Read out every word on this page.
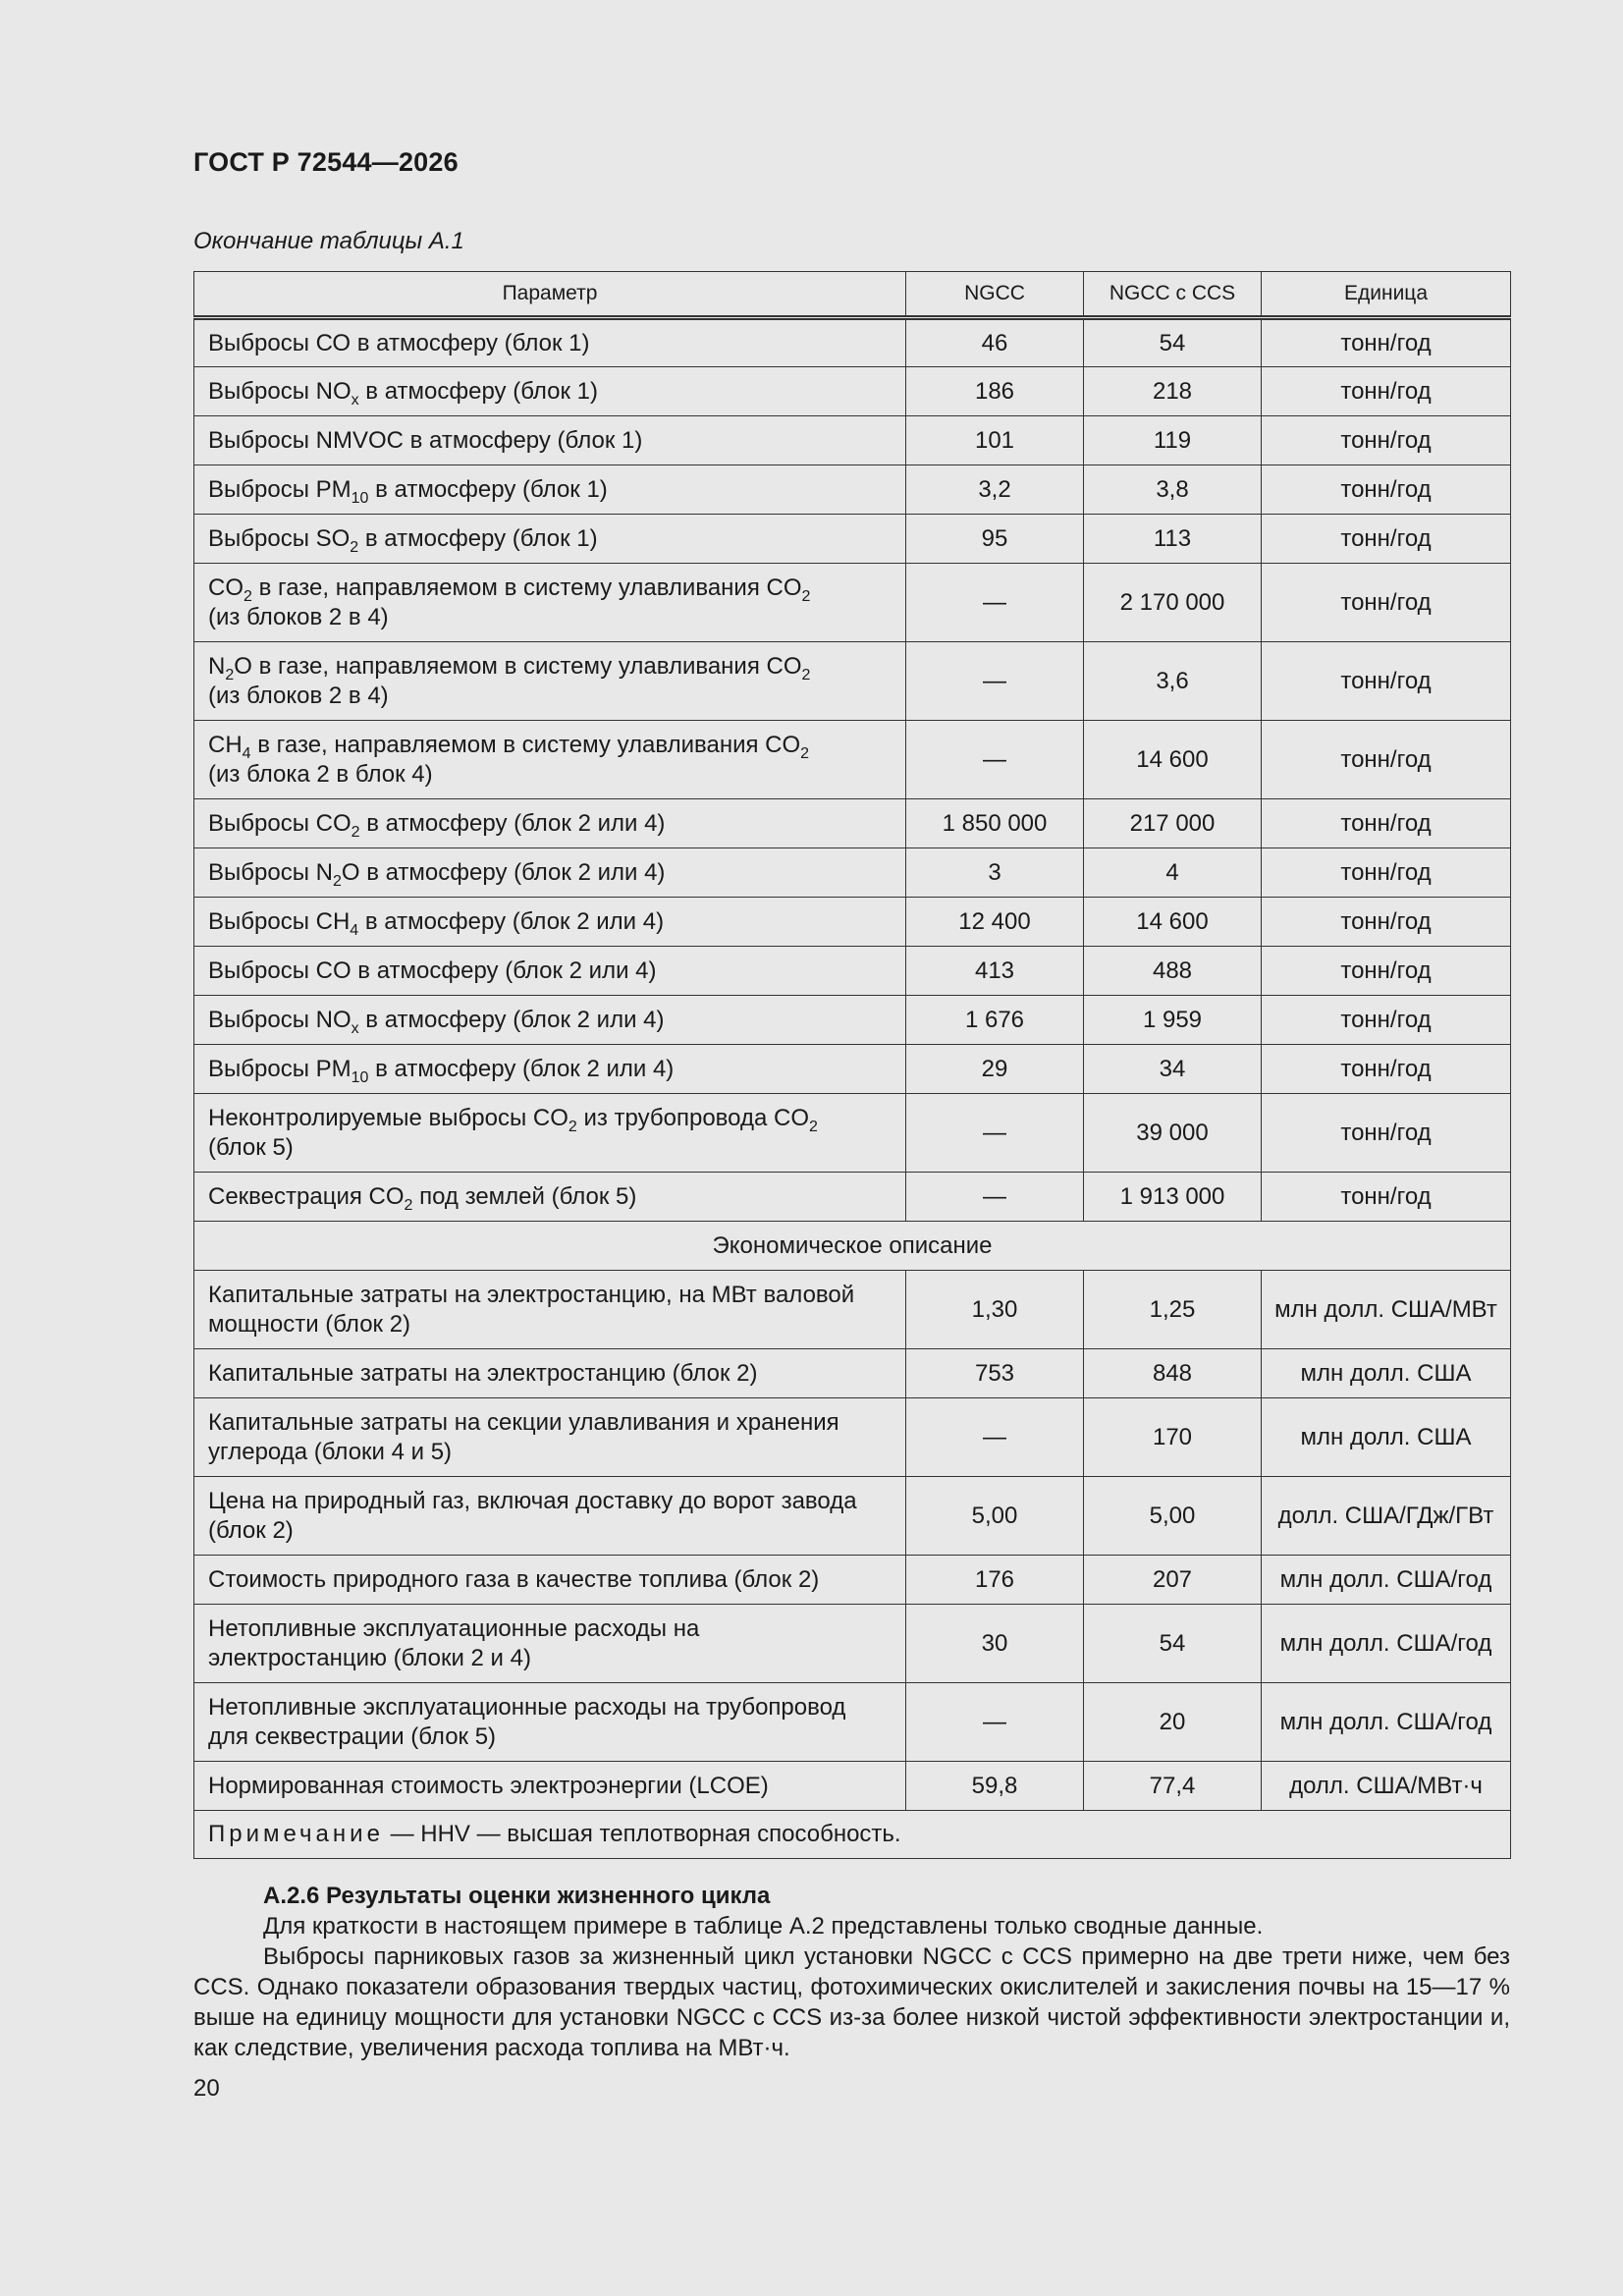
ГОСТ Р 72544—2026
Окончание таблицы А.1
Параметр	NGCC	NGCC с CCS	Единица
Выбросы СО в атмосферу (блок 1)	46	54	тонн/год
Выбросы $NO_x$ в атмосферу (блок 1)	186	218	тонн/год
Выбросы NMVOC в атмосферу (блок 1)	101	119	тонн/год
Выбросы $PM_{10}$ в атмосферу (блок 1)	3,2	3,8	тонн/год
Выбросы $SO_2$ в атмосферу (блок 1)	95	113	тонн/год
$CO_2$ в газе, направляемом в систему улавливания $CO_2$
(из блоков 2 в 4)	—	2 170 000	тонн/год
$N_2O$ в газе, направляемом в систему улавливания $CO_2$
(из блоков 2 в 4)	—	3,6	тонн/год
$CH_4$ в газе, направляемом в систему улавливания $CO_2$
(из блока 2 в блок 4)	—	14 600	тонн/год
Выбросы $CO_2$ в атмосферу (блок 2 или 4)	1 850 000	217 000	тонн/год
Выбросы $N_2O$ в атмосферу (блок 2 или 4)	3	4	тонн/год
Выбросы $CH_4$ в атмосферу (блок 2 или 4)	12 400	14 600	тонн/год
Выбросы CO в атмосферу (блок 2 или 4)	413	488	тонн/год
Выбросы $NO_x$ в атмосферу (блок 2 или 4)	1 676	1 959	тонн/год
Выбросы $PM_{10}$ в атмосферу (блок 2 или 4)	29	34	тонн/год
Неконтролируемые выбросы $CO_2$ из трубопровода $CO_2$
(блок 5)	—	39 000	тонн/год
Секвестрация $CO_2$ под землей (блок 5)	—	1 913 000	тонн/год
Экономическое описание			
Капитальные затраты на электростанцию, на МВт валовой
мощности (блок 2)	1,30	1,25	млн долл. США/МВт
Капитальные затраты на электростанцию (блок 2)	753	848	млн долл. США
Капитальные затраты на секции улавливания и хранения
углерода (блоки 4 и 5)	—	170	млн долл. США
Цена на природный газ, включая доставку до ворот завода
(блок 2)	5,00	5,00	долл. США/ГДж/ГВт
Стоимость природного газа в качестве топлива (блок 2)	176	207	млн долл. США/год
Нетопливные эксплуатационные расходы на
электростанцию (блоки 2 и 4)	30	54	млн долл. США/год
Нетопливные эксплуатационные расходы на трубопровод
для секвестрации (блок 5)	—	20	млн долл. США/год
Нормированная стоимость электроэнергии (LCOE)	59,8	77,4	долл. США/МВт·ч
Примечание — HHV — высшая теплотворная способность.			
А.2.6 Результаты оценки жизненного цикла

Для краткости в настоящем примере в таблице А.2 представлены только сводные данные.

Выбросы парниковых газов за жизненный цикл установки NGCC с CCS примерно на две трети ниже, чем без CCS. Однако показатели образования твердых частиц, фотохимических окислителей и закисления почвы на 15—17 % выше на единицу мощности для установки NGCC с CCS из-за более низкой чистой эффективности электростанции и, как следствие, увеличения расхода топлива на МВт·ч.

20
